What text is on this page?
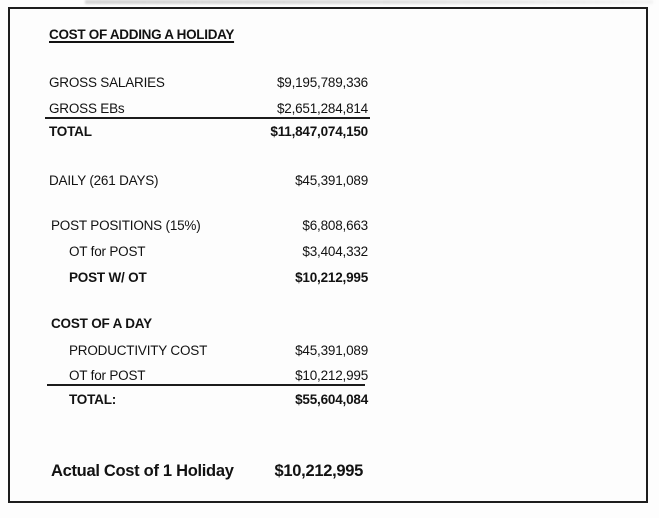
COST OF ADDING A HOLIDAY
GROSS SALARIES	$9,195,789,336
GROSS EBs	$2,651,284,814
TOTAL	$11,847,074,150
DAILY (261 DAYS)	$45,391,089
POST POSITIONS (15%)	$6,808,663
OT for POST	$3,404,332
POST W/ OT	$10,212,995
COST OF A DAY
PRODUCTIVITY COST	$45,391,089
OT for POST	$10,212,995
TOTAL:	$55,604,084
Actual Cost of 1 Holiday	$10,212,995
